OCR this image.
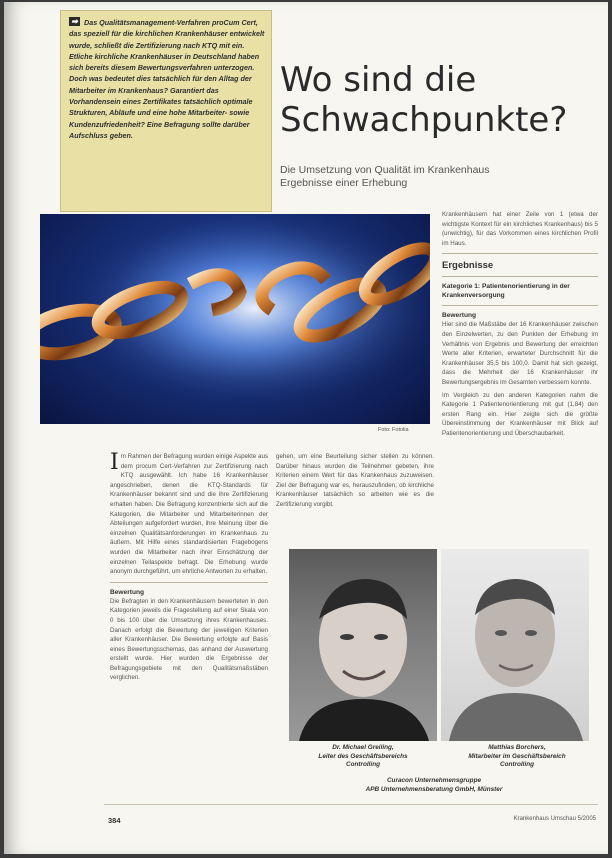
➡ Das Qualitätsmanagement-Verfahren proCum Cert, das speziell für die kirchlichen Krankenhäuser entwickelt wurde, schließt die Zertifizierung nach KTQ mit ein. Etliche kirchliche Krankenhäuser in Deutschland haben sich bereits diesem Bewertungsverfahren unterzogen. Doch was bedeutet dies tatsächlich für den Alltag der Mitarbeiter im Krankenhaus? Garantiert das Vorhandensein eines Zertifikates tatsächlich optimale Strukturen, Abläufe und eine hohe Mitarbeiter- sowie Kundenzufriedenheit? Eine Befragung sollte darüber Aufschluss geben.
Wo sind die
Schwachpunkte?
Die Umsetzung von Qualität im Krankenhaus
Ergebnisse einer Erhebung
Foto: Fotolia
Krankenhäusern hat einer Zeile von 1 (etwa der wichtigste Kontext für ein kirchliches Krankenhaus) bis 5 (unwichtig), für das Vorkommen eines kirchlichen Profil im Haus.
Ergebnisse
Kategorie 1: Patientenorientierung in der Krankenversorgung
Bewertung
Hier sind die Maßstäbe der 16 Krankenhäuser zwischen den Einzelwerten, zu den Punkten der Erhebung im Verhältnis von Ergebnis und Bewertung der erreichten Werte aller Kriterien, erwarteter Durchschnitt für die Krankenhäuser 35,5 bis 100,0. Damit hat sich gezeigt, dass die Mehrheit der 16 Krankenhäuser ihr Bewertungsergebnis im Gesamten verbessern konnte.
Im Vergleich zu den anderen Kategorien nahm die Kategorie 1 Patientenorientierung mit gut (1,84) den ersten Rang ein. Hier zeigte sich die größte Übereinstimmung der Krankenhäuser mit Blick auf Patientenorientierung und Überschaubarkeit.
Im Rahmen der Befragung wurden einige Aspekte aus dem procum Cert-Verfahren zur Zertifizierung nach KTQ ausgewählt. Ich habe 16 Krankenhäuser angeschrieben, denen die KTQ-Standards für Krankenhäuser bekannt sind und die ihre Zertifizierung erhalten haben. Die Befragung konzentrierte sich auf die Kategorien, die Mitarbeiter und Mitarbeiterinnen der Abteilungen aufgefordert wurden, ihre Meinung über die einzelnen Qualitätsanforderungen im Krankenhaus zu äußern. Mit Hilfe eines standardisierten Fragebogens wurden die Mitarbeiter nach ihrer Einschätzung der einzelnen Teilaspekte befragt. Die Erhebung wurde anonym durchgeführt, um ehrliche Antworten zu erhalten.
Bewertung
Die Befragten in den Krankenhäusern bewerteten in den Kategorien jeweils die Fragestellung auf einer Skala von 0 bis 100 über die Umsetzung ihres Krankenhauses. Danach erfolgt die Bewertung der jeweiligen Kriterien aller Krankenhäuser. Die Bewertung erfolgte auf Basis eines Bewertungsschemas, das anhand der Auswertung erstellt wurde. Hier wurden die Ergebnisse der Befragungsgebiete mit den Qualitätsmaßstäben verglichen.
gehen, um eine Beurteilung sicher stellen zu können. Darüber hinaus wurden die Teilnehmer gebeten, ihre Kriterien einem Wert für das Krankenhaus zuzuweisen. Ziel der Befragung war es, herauszufinden, ob kirchliche Krankenhäuser tatsächlich so arbeiten wie es die Zertifizierung vorgibt.
Dr. Michael Greiling,
Leiter des Geschäftsbereichs
Controlling
Matthias Borchers,
Mitarbeiter im Geschäftsbereich
Controlling
Curacon Unternehmensgruppe
APB Unternehmensberatung GmbH, Münster
384	Krankenhaus Umschau 5/2005
